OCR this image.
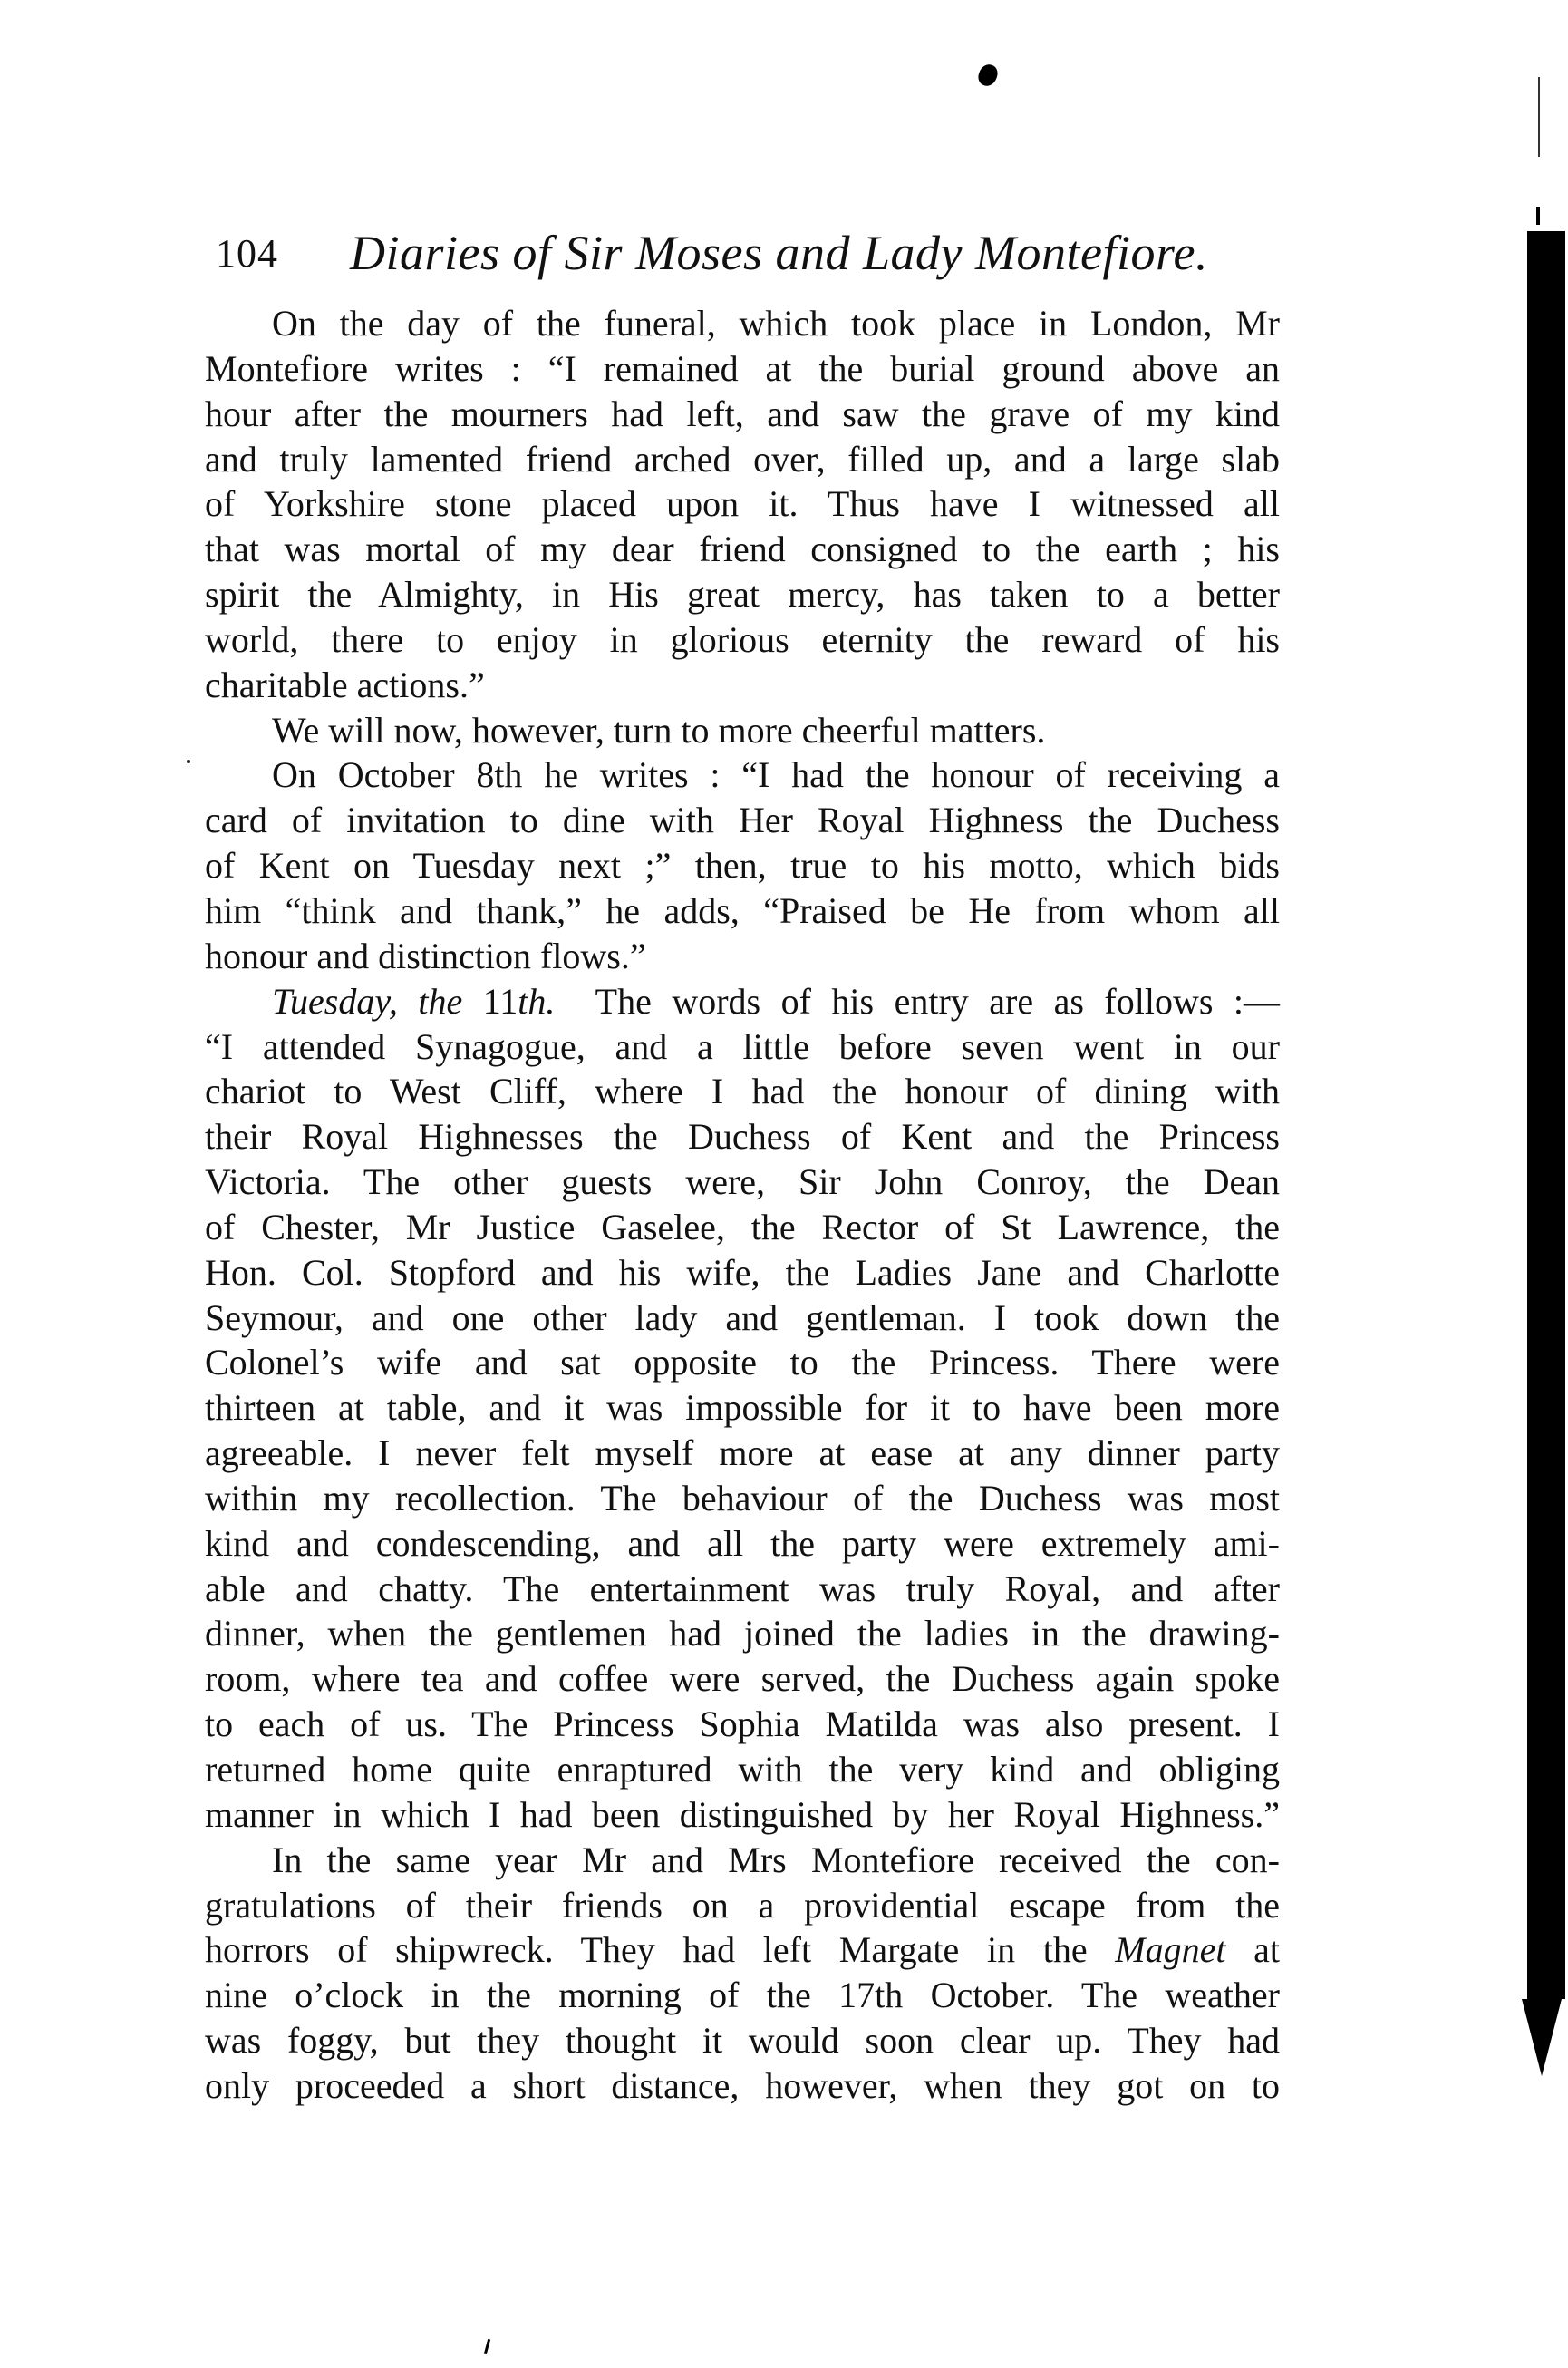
104 Diaries of Sir Moses and Lady Montefiore.
On the day of the funeral, which took place in London, Mr
Montefiore writes : “I remained at the burial ground above an
hour after the mourners had left, and saw the grave of my kind
and truly lamented friend arched over, filled up, and a large slab
of Yorkshire stone placed upon it. Thus have I witnessed all
that was mortal of my dear friend consigned to the earth ; his
spirit the Almighty, in His great mercy, has taken to a better
world, there to enjoy in glorious eternity the reward of his
charitable actions.”
We will now, however, turn to more cheerful matters.
On October 8th he writes : “I had the honour of receiving a
card of invitation to dine with Her Royal Highness the Duchess
of Kent on Tuesday next ;” then, true to his motto, which bids
him “think and thank,” he adds, “Praised be He from whom all
honour and distinction flows.”
Tuesday, the 11th. The words of his entry are as follows :—
“I attended Synagogue, and a little before seven went in our
chariot to West Cliff, where I had the honour of dining with
their Royal Highnesses the Duchess of Kent and the Princess
Victoria. The other guests were, Sir John Conroy, the Dean
of Chester, Mr Justice Gaselee, the Rector of St Lawrence, the
Hon. Col. Stopford and his wife, the Ladies Jane and Charlotte
Seymour, and one other lady and gentleman. I took down the
Colonel’s wife and sat opposite to the Princess. There were
thirteen at table, and it was impossible for it to have been more
agreeable. I never felt myself more at ease at any dinner party
within my recollection. The behaviour of the Duchess was most
kind and condescending, and all the party were extremely ami-
able and chatty. The entertainment was truly Royal, and after
dinner, when the gentlemen had joined the ladies in the drawing-
room, where tea and coffee were served, the Duchess again spoke
to each of us. The Princess Sophia Matilda was also present. I
returned home quite enraptured with the very kind and obliging
manner in which I had been distinguished by her Royal Highness.”
In the same year Mr and Mrs Montefiore received the con-
gratulations of their friends on a providential escape from the
horrors of shipwreck. They had left Margate in the Magnet at
nine o’clock in the morning of the 17th October. The weather
was foggy, but they thought it would soon clear up. They had
only proceeded a short distance, however, when they got on to
